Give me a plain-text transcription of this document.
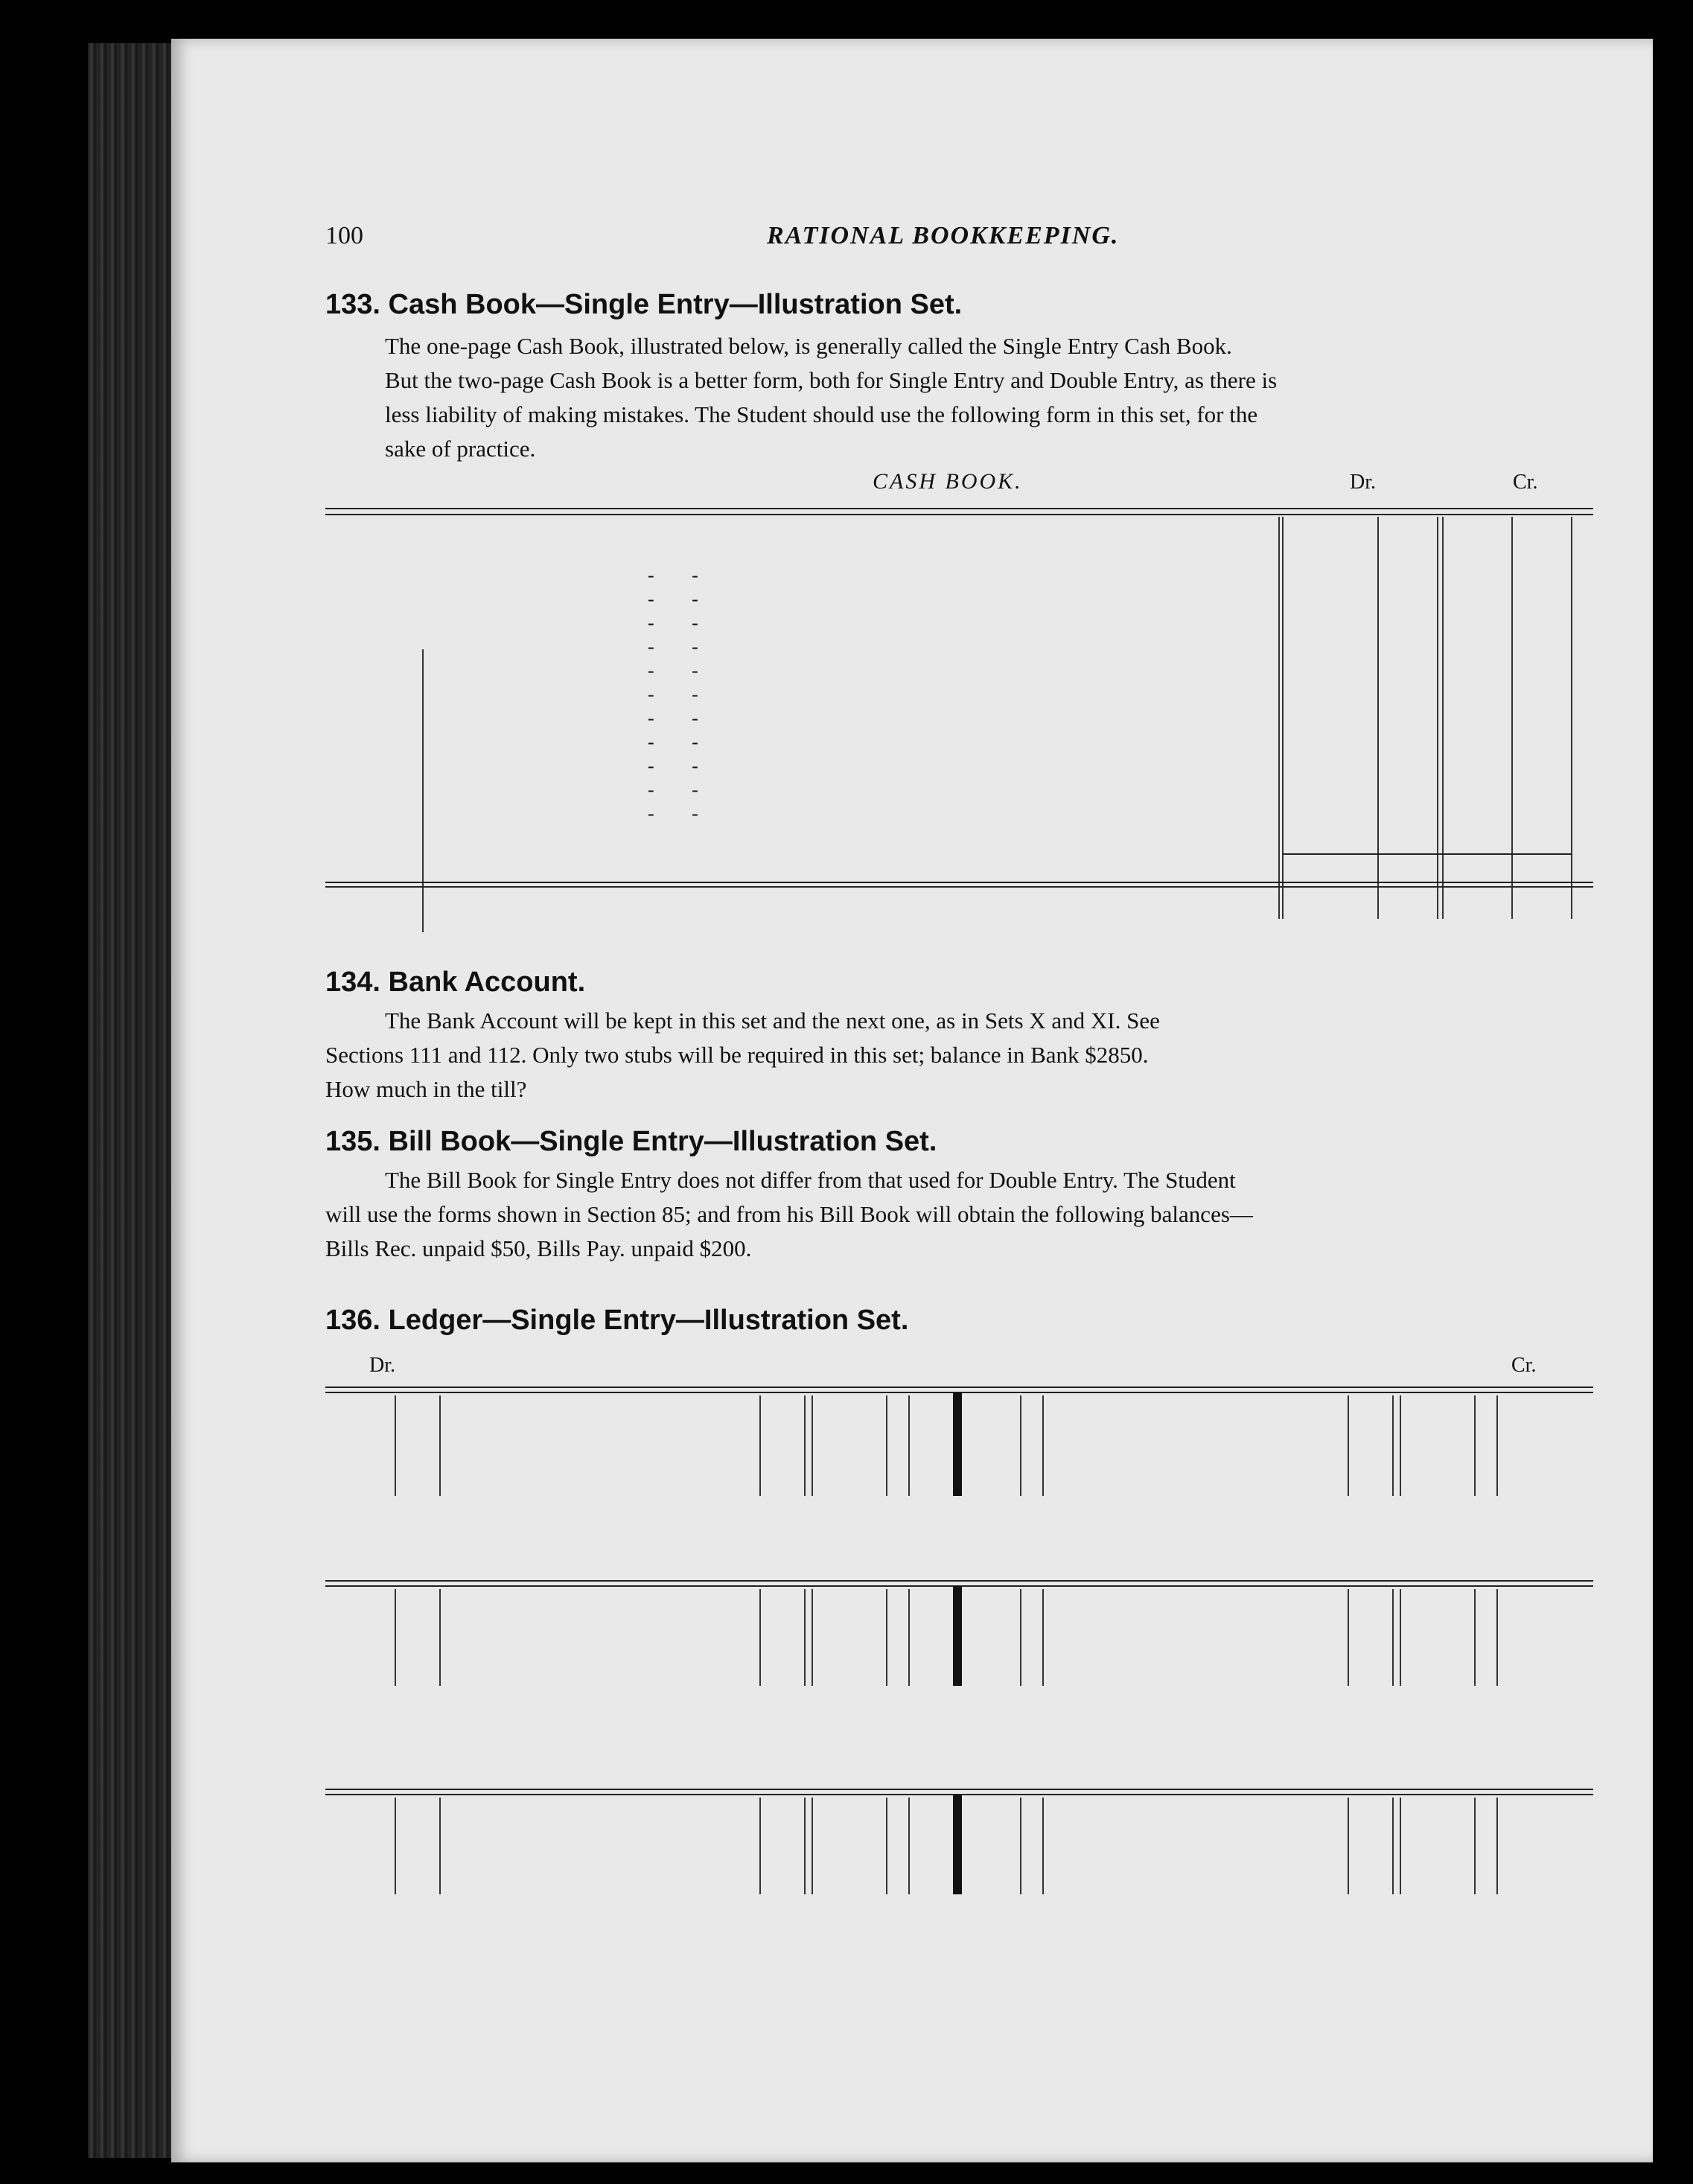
100	RATIONAL BOOKKEEPING.
133. Cash Book—Single Entry—Illustration Set.
The one-page Cash Book, illustrated below, is generally called the Single Entry Cash Book.
But the two-page Cash Book is a better form, both for Single Entry and Double Entry, as there is
less liability of making mistakes. The Student should use the following form in this set, for the
sake of practice.
CASH BOOK.	Dr.	Cr.
- -
- -
- -
- -
- -
- -
- -
- -
- -
- -
- -
134. Bank Account.
The Bank Account will be kept in this set and the next one, as in Sets X and XI. See
Sections 111 and 112. Only two stubs will be required in this set; balance in Bank $2850.
How much in the till?
135. Bill Book—Single Entry—Illustration Set.
The Bill Book for Single Entry does not differ from that used for Double Entry. The Student
will use the forms shown in Section 85; and from his Bill Book will obtain the following balances—
Bills Rec. unpaid $50, Bills Pay. unpaid $200.
136. Ledger—Single Entry—Illustration Set.
Dr.	Cr.
